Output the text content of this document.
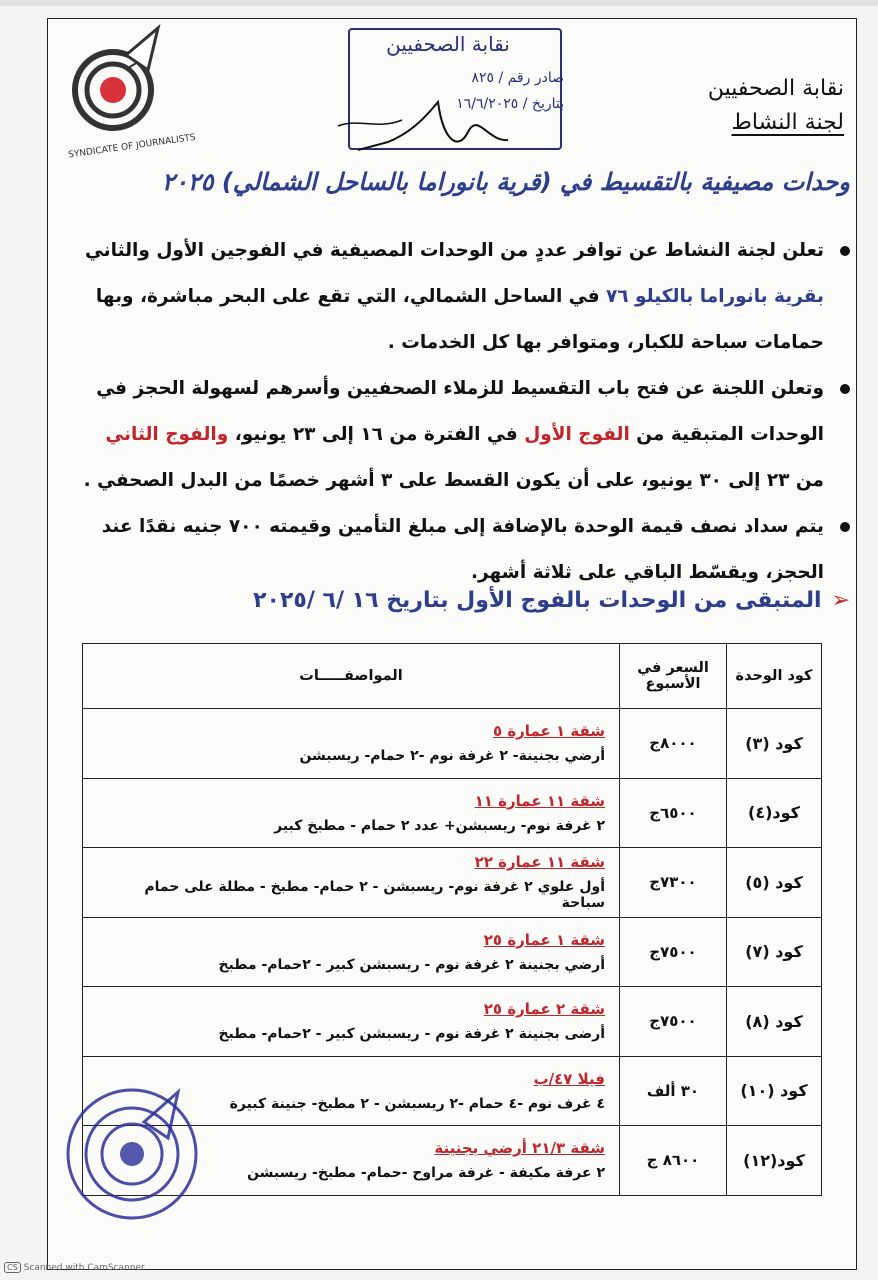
SYNDICATE OF JOURNALISTS
نقابة الصحفيين
صادر رقم / ٨٢٥
بتاريخ / ١٦/٦/٢٠٢٥
نقابة الصحفيين
لجنة النشاط
وحدات مصيفية بالتقسيط في (قرية بانوراما بالساحل الشمالي) ٢٠٢٥
تعلن لجنة النشاط عن توافر عددٍ من الوحدات المصيفية في الفوجين الأول والثاني بقرية بانوراما بالكيلو ٧٦ في الساحل الشمالي، التي تقع على البحر مباشرة، وبها حمامات سباحة للكبار، ومتوافر بها كل الخدمات .
وتعلن اللجنة عن فتح باب التقسيط للزملاء الصحفيين وأسرهم لسهولة الحجز في الوحدات المتبقية من الفوج الأول في الفترة من ١٦ إلى ٢٣ يونيو، والفوج الثاني من ٢٣ إلى ٣٠ يونيو، على أن يكون القسط على ٣ أشهر خصمًا من البدل الصحفي .
يتم سداد نصف قيمة الوحدة بالإضافة إلى مبلغ التأمين وقيمته ٧٠٠ جنيه نقدًا عند الحجز، ويقسّط الباقي على ثلاثة أشهر.
➢المتبقى من الوحدات بالفوج الأول بتاريخ ١٦ /٦ /٢٠٢٥
كود الوحدة	السعر في الأسبوع	المواصفـــــات
كود (٣)	٨٠٠٠ج	شقة ١ عمارة ٥
أرضي بجنينة- ٢ غرفة نوم -٢ حمام- ريسبشن

كود(٤)	٦٥٠٠ج	شقة ١١ عمارة ١١
٢ غرفة نوم- ريسبشن+ عدد ٢ حمام - مطبخ كبير

كود (٥)	٧٣٠٠ج	شقة ١١ عمارة ٢٢
أول علوي ٢ غرفة نوم- ريسبشن - ٢ حمام- مطبخ - مطلة على حمام سباحة

كود (٧)	٧٥٠٠ج	شقة ١ عمارة ٢٥
أرضي بجنينة ٢ غرفة نوم - ريسبشن كبير - ٢حمام- مطبخ

كود (٨)	٧٥٠٠ج	شقة ٢ عمارة ٢٥
أرضى بجنينة ٢ غرفة نوم - ريسبشن كبير - ٢حمام- مطبخ

كود (١٠)	٣٠ ألف	فيلا ٤٧/ب
٤ غرف نوم -٤ حمام -٢ ريسبشن - ٢ مطبخ- جنينة كبيرة

كود(١٢)	٨٦٠٠ ج	شقة ٢١/٣ أرضي بجنينة
٢ عرفة مكيفة - غرفة مراوح -حمام- مطبخ- ريسبشن
CS Scanned with CamScanner
